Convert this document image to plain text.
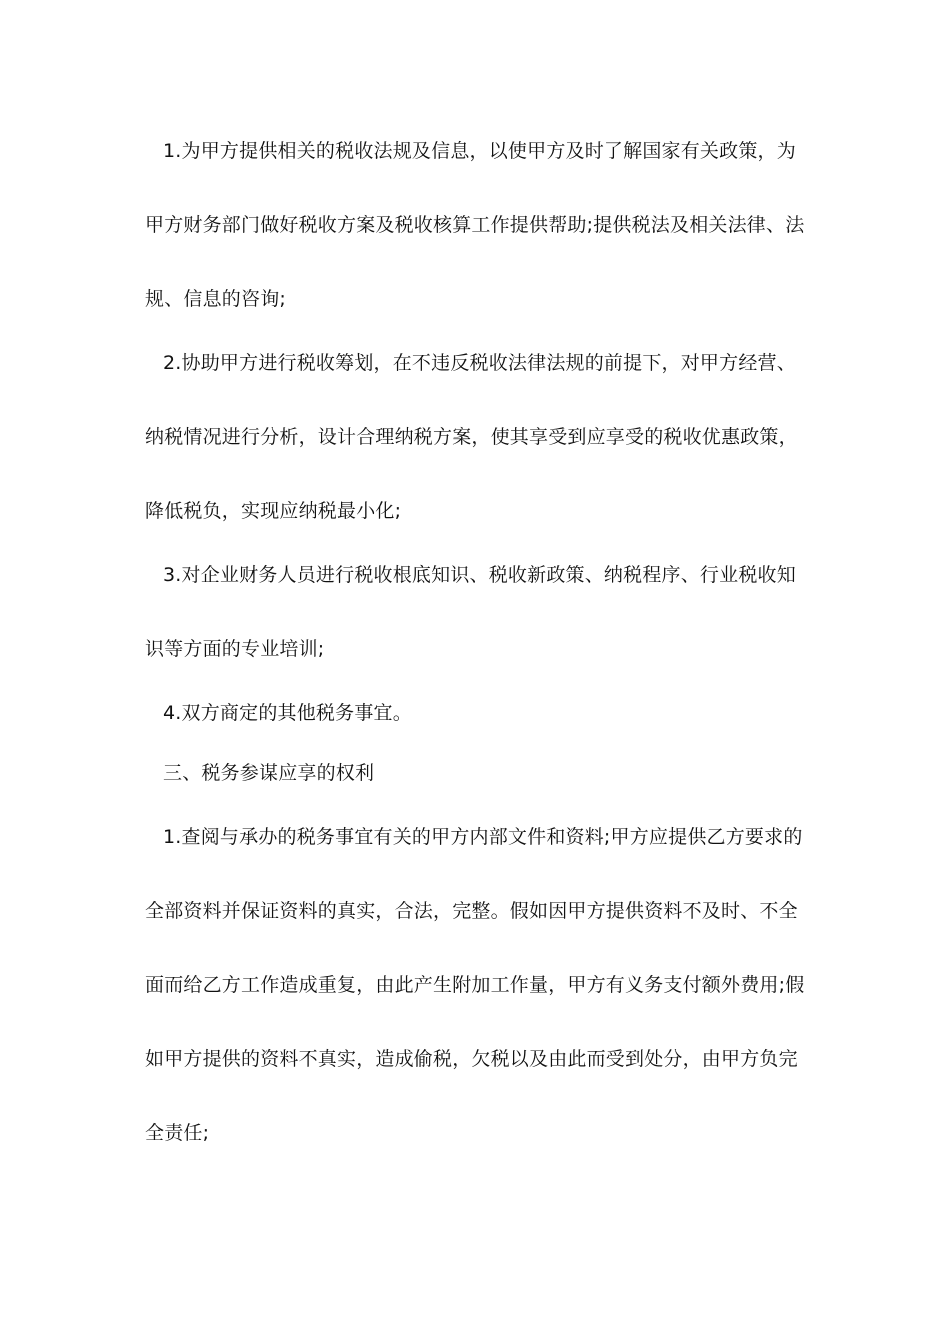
1.为甲方提供相关的税收法规及信息，以使甲方及时了解国家有关政策，为
甲方财务部门做好税收方案及税收核算工作提供帮助;提供税法及相关法律、法
规、信息的咨询;
2.协助甲方进行税收筹划，在不违反税收法律法规的前提下，对甲方经营、
纳税情况进行分析，设计合理纳税方案，使其享受到应享受的税收优惠政策，
降低税负，实现应纳税最小化;
3.对企业财务人员进行税收根底知识、税收新政策、纳税程序、行业税收知
识等方面的专业培训;
4.双方商定的其他税务事宜。
三、税务参谋应享的权利
1.查阅与承办的税务事宜有关的甲方内部文件和资料;甲方应提供乙方要求的
全部资料并保证资料的真实，合法，完整。假如因甲方提供资料不及时、不全
面而给乙方工作造成重复，由此产生附加工作量，甲方有义务支付额外费用;假
如甲方提供的资料不真实，造成偷税，欠税以及由此而受到处分，由甲方负完
全责任;
